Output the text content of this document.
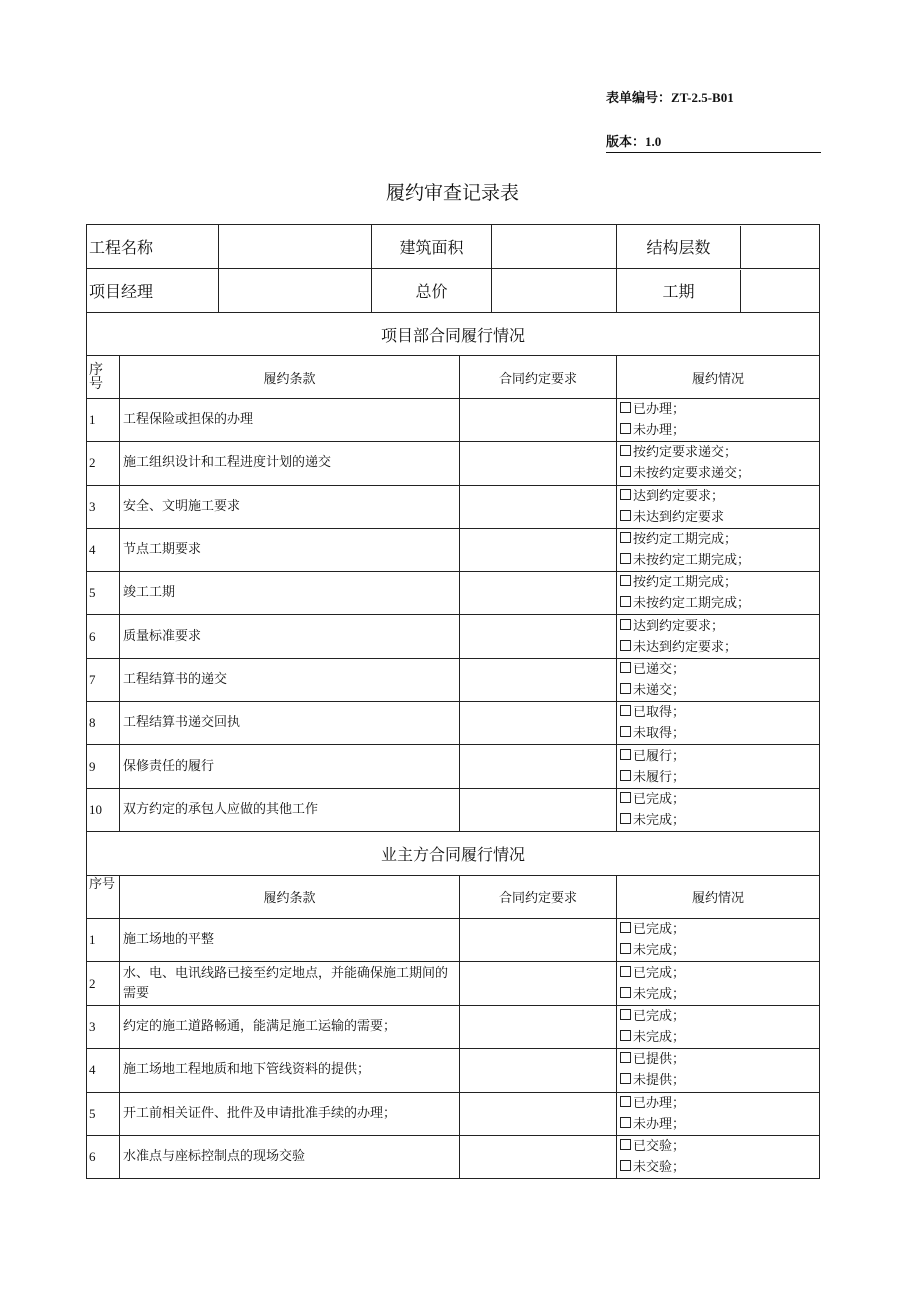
表单编号：ZT-2.5-B01
版本：1.0
履约审查记录表
工程名称			建筑面积			结构层数

项目经理			总价			工期

项目部合同履行情况						

序号	履约条款			合同约定要求		履约情况
1	工程保险或担保的办理					已办理；
未办理；

2	施工组织设计和工程进度计划的递交					按约定要求递交；
未按约定要求递交；

3	安全、文明施工要求					达到约定要求；
未达到约定要求

4	节点工期要求					按约定工期完成；
未按约定工期完成；

5	竣工工期					按约定工期完成；
未按约定工期完成；

6	质量标准要求					达到约定要求；
未达到约定要求；

7	工程结算书的递交					已递交；
未递交；

8	工程结算书递交回执					已取得；
未取得；

9	保修责任的履行					已履行；
未履行；

10	双方约定的承包人应做的其他工作					已完成；
未完成；

业主方合同履行情况						
序号	履约条款			合同约定要求		履约情况
1	施工场地的平整					已完成；
未完成；

2	水、电、电讯线路已接至约定地点，并能确保施工期间的需要					已完成；
未完成；

3	约定的施工道路畅通，能满足施工运输的需要；					已完成；
未完成；

4	施工场地工程地质和地下管线资料的提供；					已提供；
未提供；

5	开工前相关证件、批件及申请批准手续的办理；					已办理；
未办理；

6	水准点与座标控制点的现场交验					已交验；
未交验；
